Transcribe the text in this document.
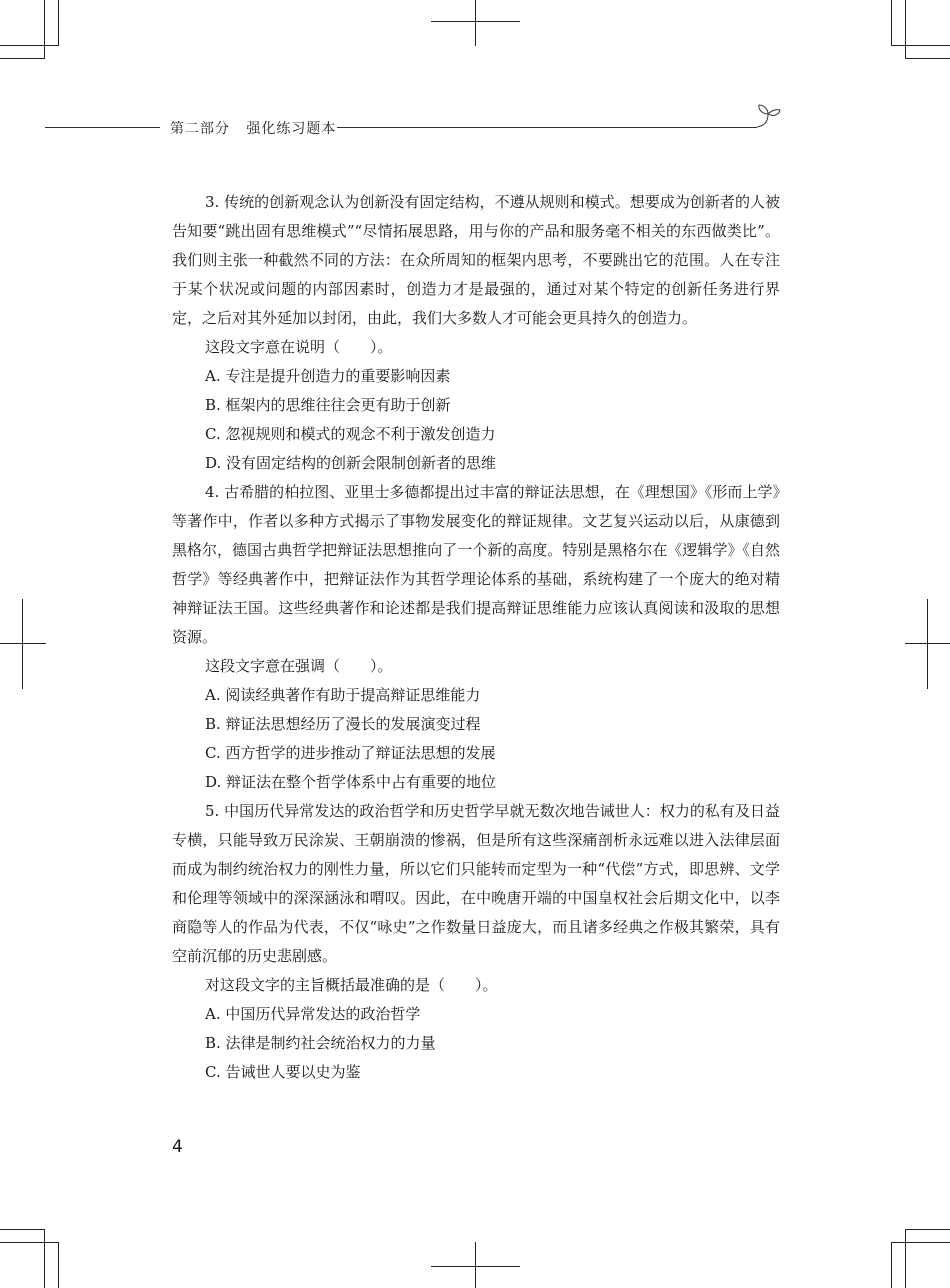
第二部分 强化练习题本

3. 传统的创新观念认为创新没有固定结构，不遵从规则和模式。想要成为创新者的人被告知要“跳出固有思维模式”“尽情拓展思路，用与你的产品和服务毫不相关的东西做类比”。我们则主张一种截然不同的方法：在众所周知的框架内思考，不要跳出它的范围。人在专注于某个状况或问题的内部因素时，创造力才是最强的，通过对某个特定的创新任务进行界定，之后对其外延加以封闭，由此，我们大多数人才可能会更具持久的创造力。

这段文字意在说明（　　）。

A. 专注是提升创造力的重要影响因素

B. 框架内的思维往往会更有助于创新

C. 忽视规则和模式的观念不利于激发创造力

D. 没有固定结构的创新会限制创新者的思维

4. 古希腊的柏拉图、亚里士多德都提出过丰富的辩证法思想，在《理想国》《形而上学》等著作中，作者以多种方式揭示了事物发展变化的辩证规律。文艺复兴运动以后，从康德到黑格尔，德国古典哲学把辩证法思想推向了一个新的高度。特别是黑格尔在《逻辑学》《自然哲学》等经典著作中，把辩证法作为其哲学理论体系的基础，系统构建了一个庞大的绝对精神辩证法王国。这些经典著作和论述都是我们提高辩证思维能力应该认真阅读和汲取的思想资源。

这段文字意在强调（　　）。

A. 阅读经典著作有助于提高辩证思维能力

B. 辩证法思想经历了漫长的发展演变过程

C. 西方哲学的进步推动了辩证法思想的发展

D. 辩证法在整个哲学体系中占有重要的地位

5. 中国历代异常发达的政治哲学和历史哲学早就无数次地告诫世人：权力的私有及日益专横，只能导致万民涂炭、王朝崩溃的惨祸，但是所有这些深痛剖析永远难以进入法律层面而成为制约统治权力的刚性力量，所以它们只能转而定型为一种“代偿”方式，即思辨、文学和伦理等领域中的深深涵泳和喟叹。因此，在中晚唐开端的中国皇权社会后期文化中，以李商隐等人的作品为代表，不仅“咏史”之作数量日益庞大，而且诸多经典之作极其繁荣，具有空前沉郁的历史悲剧感。

对这段文字的主旨概括最准确的是（　　）。

A. 中国历代异常发达的政治哲学

B. 法律是制约社会统治权力的力量

C. 告诫世人要以史为鉴

4
